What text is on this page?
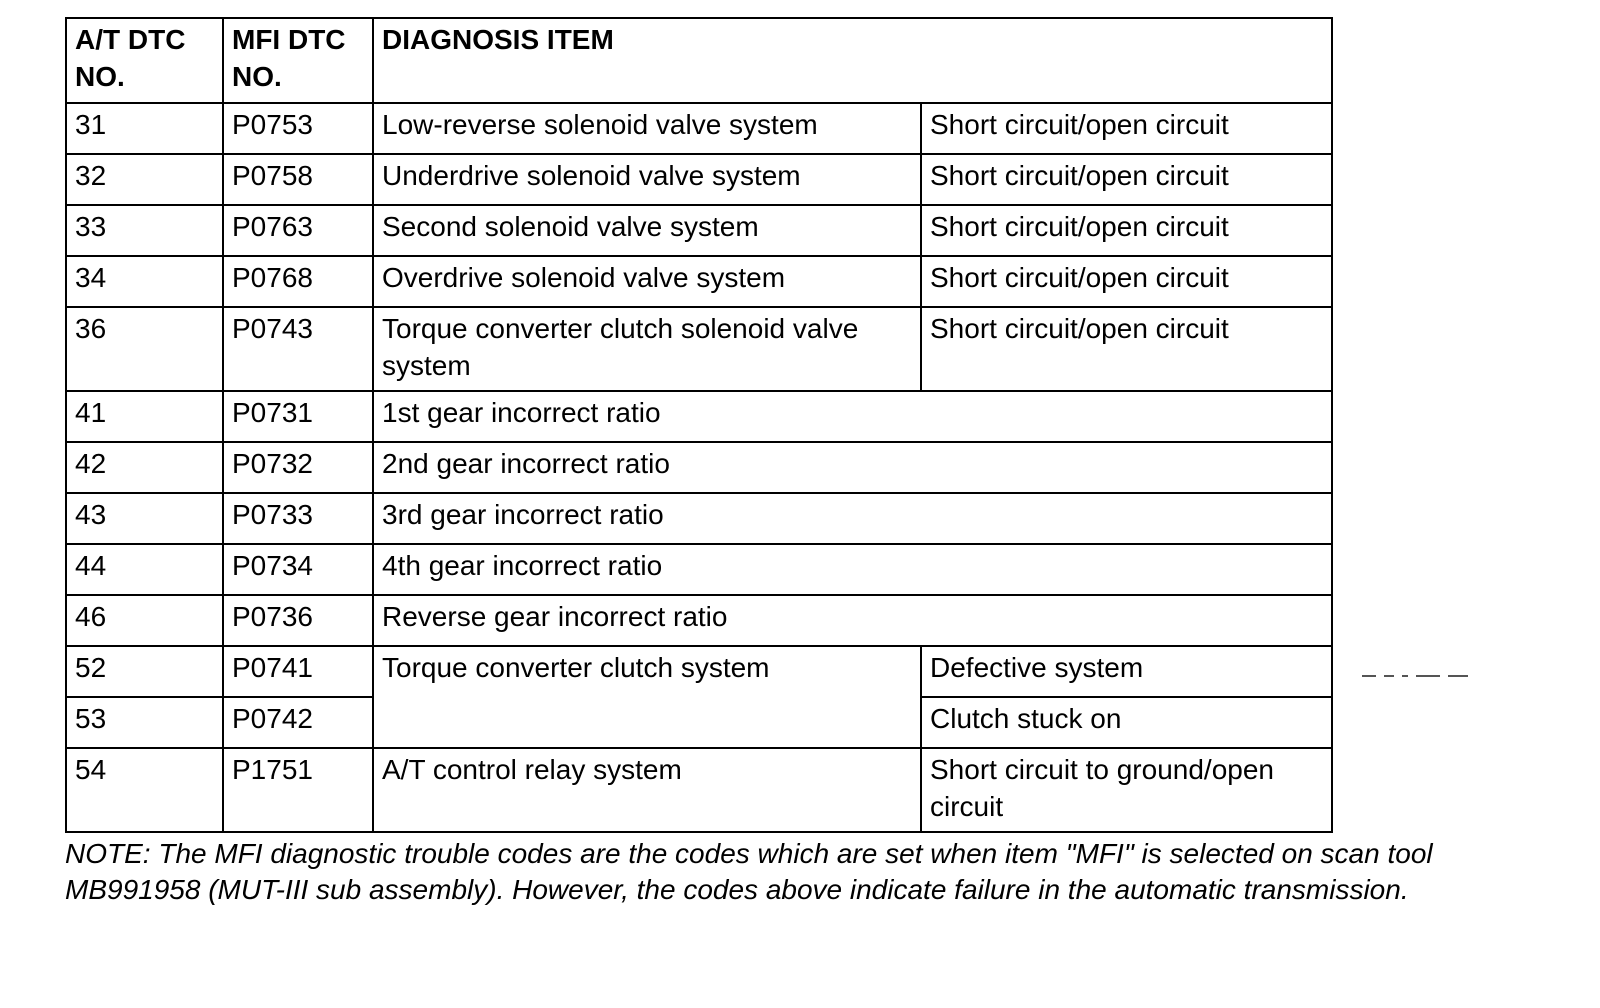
A/T DTC NO.	MFI DTC NO.	DIAGNOSIS ITEM	
31	P0753	Low-reverse solenoid valve system	Short circuit/open circuit
32	P0758	Underdrive solenoid valve system	Short circuit/open circuit
33	P0763	Second solenoid valve system	Short circuit/open circuit
34	P0768	Overdrive solenoid valve system	Short circuit/open circuit
36	P0743	Torque converter clutch solenoid valve system	Short circuit/open circuit
41	P0731	1st gear incorrect ratio	
42	P0732	2nd gear incorrect ratio	
43	P0733	3rd gear incorrect ratio	
44	P0734	4th gear incorrect ratio	
46	P0736	Reverse gear incorrect ratio	
52	P0741	Torque converter clutch system	Defective system
53	P0742		Clutch stuck on
54	P1751	A/T control relay system	Short circuit to ground/open circuit

NOTE: The MFI diagnostic trouble codes are the codes which are set when item "MFI" is selected on scan tool MB991958 (MUT-III sub assembly). However, the codes above indicate failure in the automatic transmission.
